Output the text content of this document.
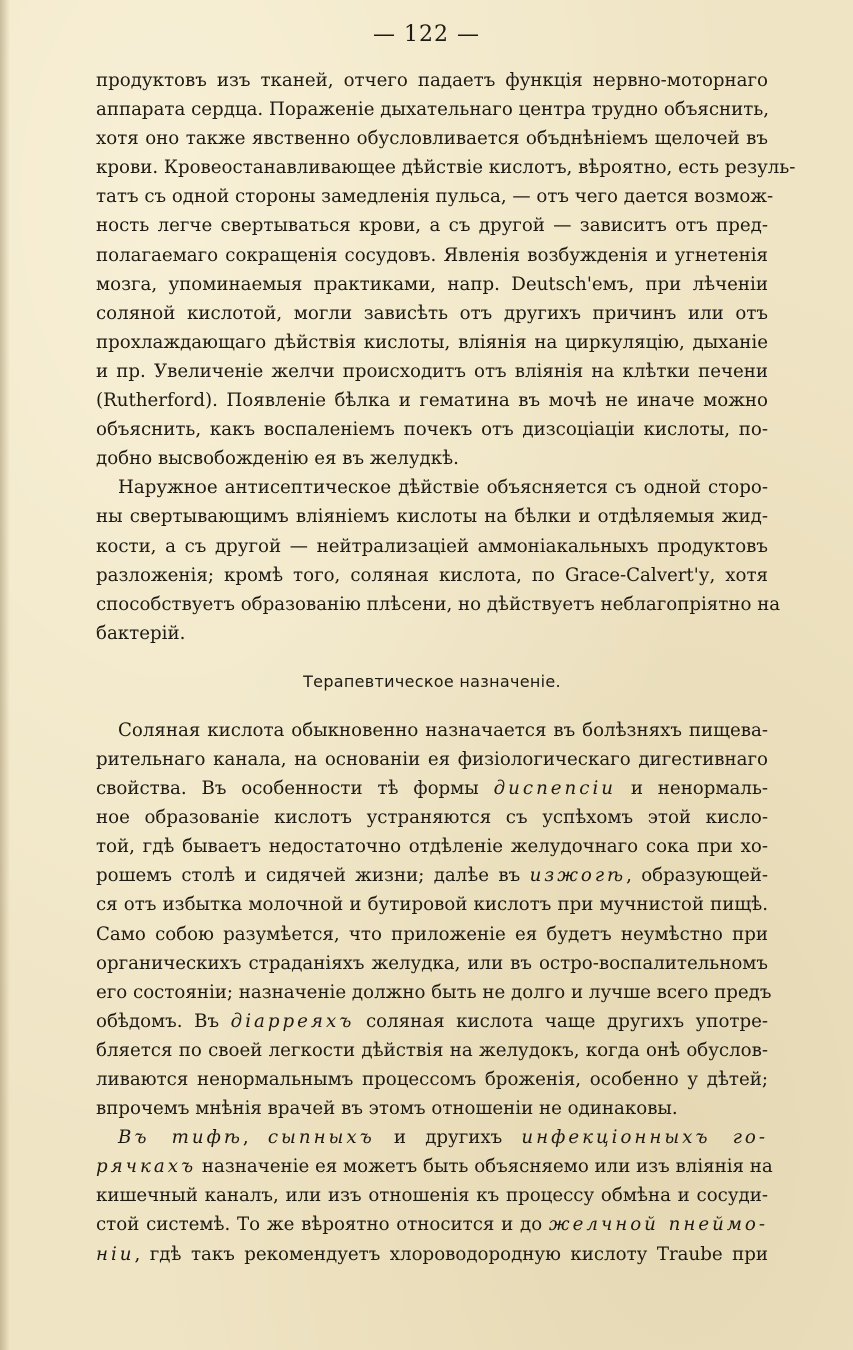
— 122 —
продуктовъ изъ тканей, отчего падаетъ функція нервно-моторнаго
аппарата сердца. Пораженіе дыхательнаго центра трудно объяснить,
хотя оно также явственно обусловливается объднѣніемъ щелочей въ
крови. Кровеостанавливающее дѣйствіе кислотъ, вѣроятно, есть резуль-
татъ съ одной стороны замедленія пульса, — отъ чего дается возмож-
ность легче свертываться крови, а съ другой — зависитъ отъ пред-
полагаемаго сокращенія сосудовъ. Явленія возбужденія и угнетенія
мозга, упоминаемыя практиками, напр. Deutsch'емъ, при лѣченіи
соляной кислотой, могли зависѣть отъ другихъ причинъ или отъ
прохлаждающаго дѣйствія кислоты, вліянія на циркуляцію, дыханіе
и пр. Увеличеніе желчи происходитъ отъ вліянія на клѣтки печени
(Rutherford). Появленіе бѣлка и гематина въ мочѣ не иначе можно
объяснить, какъ воспаленіемъ почекъ отъ дизсоціаціи кислоты, по-
добно высвобожденію ея въ желудкѣ.
Наружное антисептическое дѣйствіе объясняется съ одной сторо-
ны свертывающимъ вліяніемъ кислоты на бѣлки и отдѣляемыя жид-
кости, а съ другой — нейтрализаціей аммоніакальныхъ продуктовъ
разложенія; кромѣ того, соляная кислота, по Grace-Calvert'у, хотя
способствуетъ образованію плѣсени, но дѣйствуетъ неблагопріятно на
бактерій.
Терапевтическое назначеніе.
Соляная кислота обыкновенно назначается въ болѣзняхъ пищева-
рительнаго канала, на основаніи ея физіологическаго дигестивнаго
свойства. Въ особенности тѣ формы диспепсіи и ненормаль-
ное образованіе кислотъ устраняются съ успѣхомъ этой кисло-
той, гдѣ бываетъ недостаточно отдѣленіе желудочнаго сока при хо-
рошемъ столѣ и сидячей жизни; далѣе въ изжогѣ, образующей-
ся отъ избытка молочной и бутировой кислотъ при мучнистой пищѣ.
Само собою разумѣется, что приложеніе ея будетъ неумѣстно при
органическихъ страданіяхъ желудка, или въ остро-воспалительномъ
его состояніи; назначеніе должно быть не долго и лучше всего предъ
обѣдомъ. Въ діарреяхъ соляная кислота чаще другихъ употре-
бляется по своей легкости дѣйствія на желудокъ, когда онѣ обуслов-
ливаются ненормальнымъ процессомъ броженія, особенно у дѣтей;
впрочемъ мнѣнія врачей въ этомъ отношеніи не одинаковы.
Въ тифѣ, сыпныхъ и другихъ инфекціонныхъ го-
рячкахъ назначеніе ея можетъ быть объясняемо или изъ вліянія на
кишечный каналъ, или изъ отношенія къ процессу обмѣна и сосуди-
стой системѣ. То же вѣроятно относится и до желчной пнеймо-
ніи, гдѣ такъ рекомендуетъ хлороводородную кислоту Traube при
